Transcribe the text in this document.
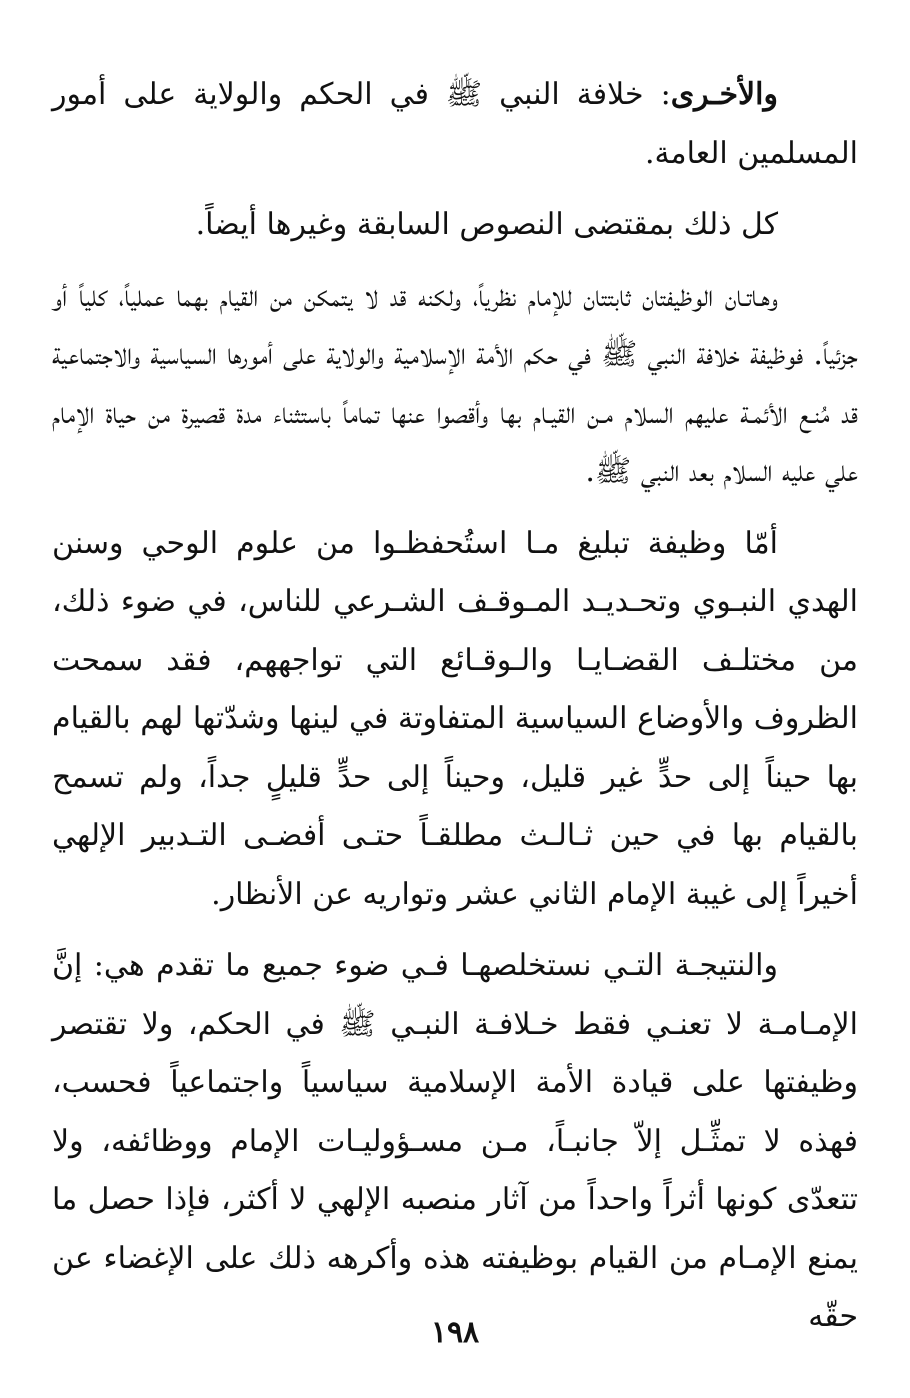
والأخـرى: خلافة النبي ﷺ في الحكم والولاية على أمور المسلمين العامة.

كل ذلك بمقتضى النصوص السابقة وغيرها أيضاً.

وهـاتـان الوظيفتان ثابتتان للإمام نظرياً، ولكنه قد لا يتمكن من القيام بهما عملياً، كلياً أو جزئياً. فوظيفة خلافة النبي ﷺ في حكم الأمة الإسلامية والولاية على أمورها السياسية والاجتماعية قد مُنـع الأئمـة عليهم السلام مـن القيـام بها وأقصوا عنها تماماً باستثناء مدة قصيرة من حياة الإمام علي عليه السلام بعد النبي ﷺ.

أمّا وظيفة تبليغ مـا استُحفظـوا من علوم الوحي وسنن الهدي النبـوي وتحـديـد المـوقـف الشـرعي للناس، في ضوء ذلك، من مختلـف القضـايـا والـوقـائع التي تواجههم، فقد سمحت الظروف والأوضاع السياسية المتفاوتة في لينها وشدّتها لهم بالقيام بها حيناً إلى حدٍّ غير قليل، وحيناً إلى حدٍّ قليلٍ جداً، ولم تسمح بالقيام بها في حين ثـالـث مطلقـاً حتـى أفضـى التـدبير الإلهي أخيراً إلى غيبة الإمام الثاني عشر وتواريه عن الأنظار.

والنتيجـة التـي نستخلصهـا فـي ضوء جميع ما تقدم هي: إنَّ الإمـامـة لا تعنـي فقط خـلافـة النبـي ﷺ في الحكم، ولا تقتصر وظيفتها على قيادة الأمة الإسلامية سياسياً واجتماعياً فحسب، فهذه لا تمثِّـل إلاّ جانبـاً، مـن مسـؤوليـات الإمام ووظائفه، ولا تتعدّى كونها أثراً واحداً من آثار منصبه الإلهي لا أكثر، فإذا حصل ما يمنع الإمـام من القيام بوظيفته هذه وأكرهه ذلك على الإغضاء عن حقّه

١٩٨
